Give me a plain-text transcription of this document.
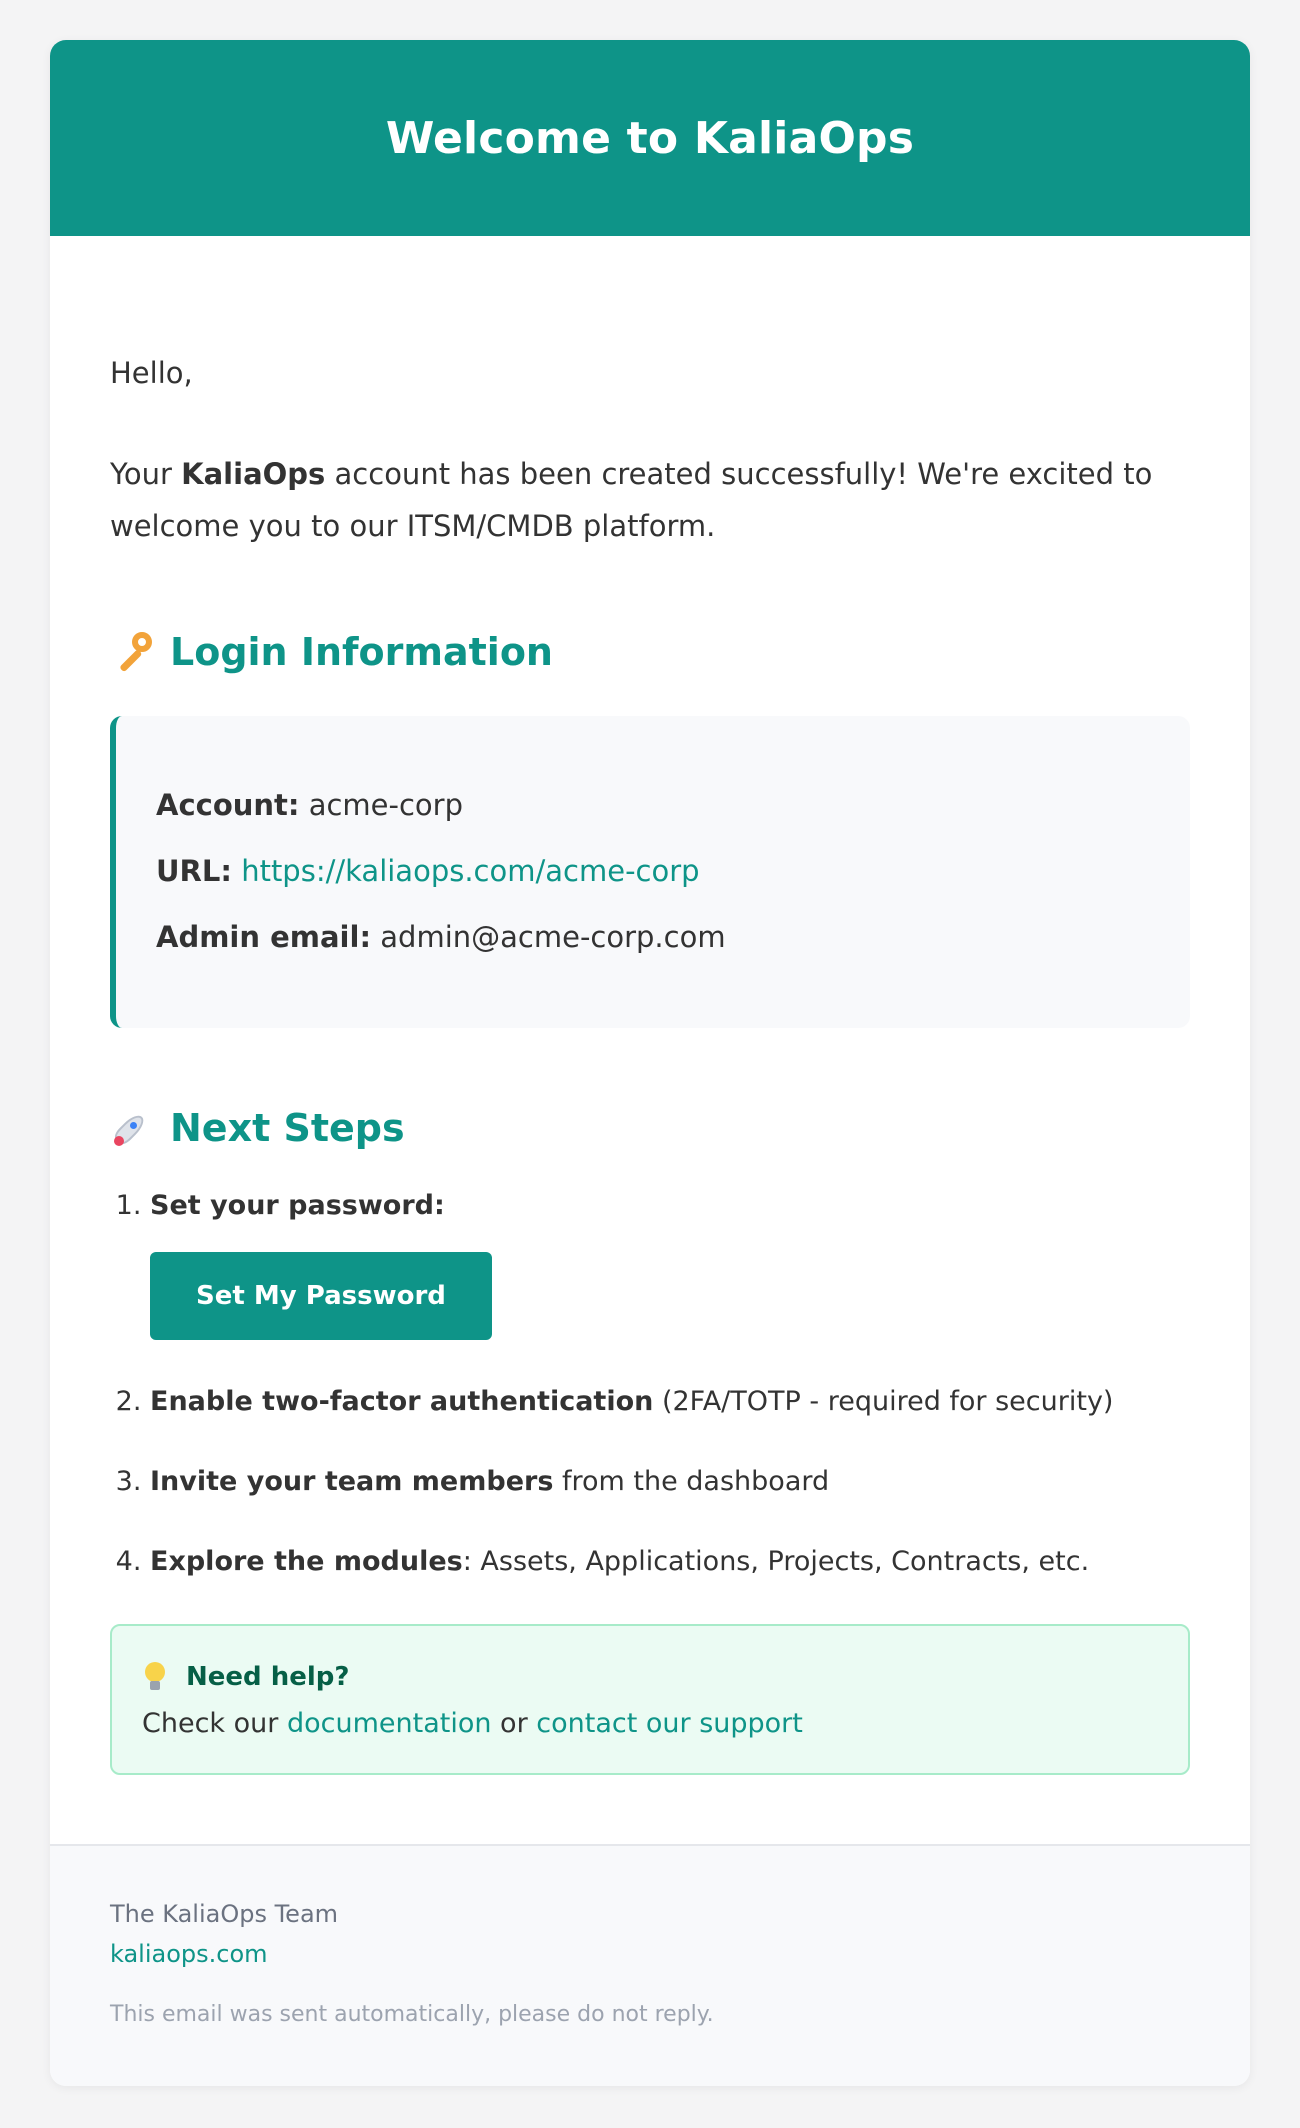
Welcome to KaliaOps

Hello,

Your KaliaOps account has been created successfully! We're excited to welcome you to our ITSM/CMDB platform.

Login Information
Account: acme-corp
URL: https://kaliaops.com/acme-corp
Admin email: admin@acme-corp.com
Next Steps
1. Set your password:
Set My Password
2. Enable two-factor authentication (2FA/TOTP - required for security)
3. Invite your team members from the dashboard
4. Explore the modules: Assets, Applications, Projects, Contracts, etc.
Need help?
Check our documentation or contact our support
The KaliaOps Team
kaliaops.com
This email was sent automatically, please do not reply.
